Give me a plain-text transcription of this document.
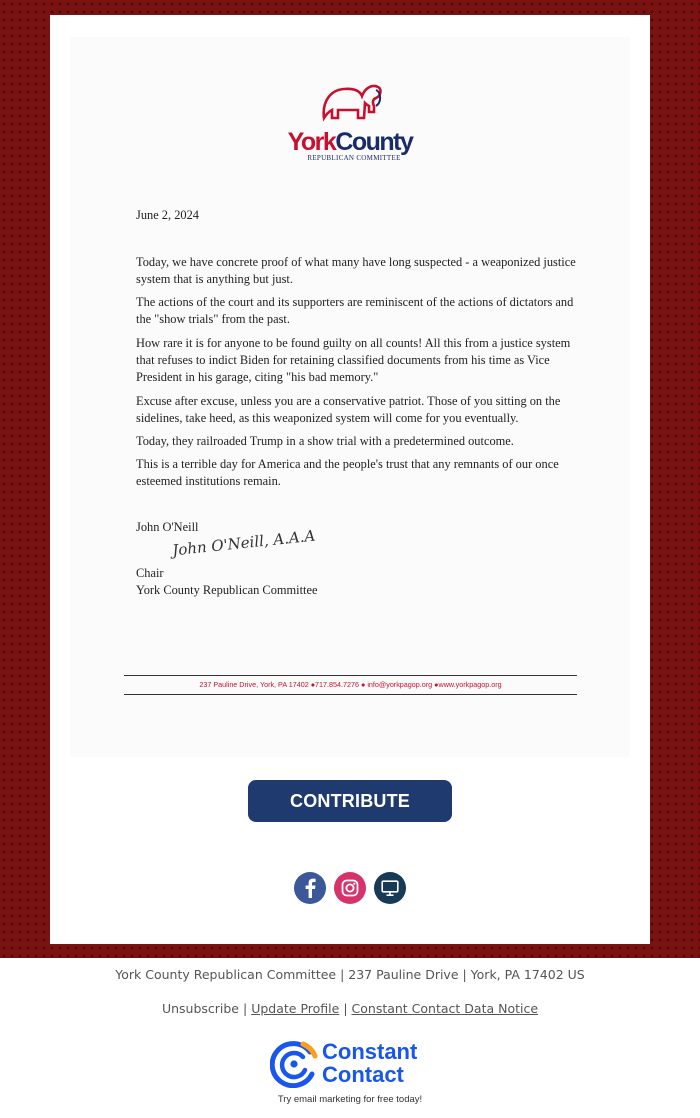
YorkCounty
REPUBLICAN COMMITTEE
June 2, 2024

Today, we have concrete proof of what many have long suspected - a weaponized justice system that is anything but just.

The actions of the court and its supporters are reminiscent of the actions of dictators and the "show trials" from the past.

How rare it is for anyone to be found guilty on all counts! All this from a justice system that refuses to indict Biden for retaining classified documents from his time as Vice President in his garage, citing "his bad memory."

Excuse after excuse, unless you are a conservative patriot. Those of you sitting on the sidelines, take heed, as this weaponized system will come for you eventually.

Today, they railroaded Trump in a show trial with a predetermined outcome.

This is a terrible day for America and the people's trust that any remnants of our once esteemed institutions remain.

John O'Neill
John O'Neill, A.A.A
Chair
York County Republican Committee
237 Pauline Drive, York, PA 17402 ●717.854.7276 ● info@yorkpagop.org ●www.yorkpagop.org
CONTRIBUTE
York County Republican Committee | 237 Pauline Drive | York, PA 17402 US
Unsubscribe | Update Profile | Constant Contact Data Notice
Constant
Contact
Try email marketing for free today!
